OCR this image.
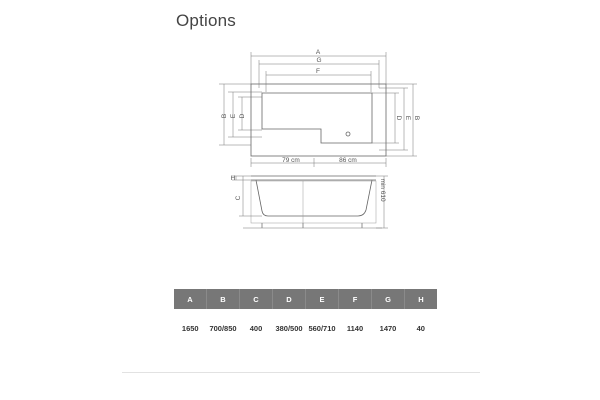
Options
A
G
F
B E D	D E B
79 cm	86 cm
H
C	min 610
A	B	C	D	E	F	G	H

1650	700/850	400	380/500	560/710	1140	1470	40
